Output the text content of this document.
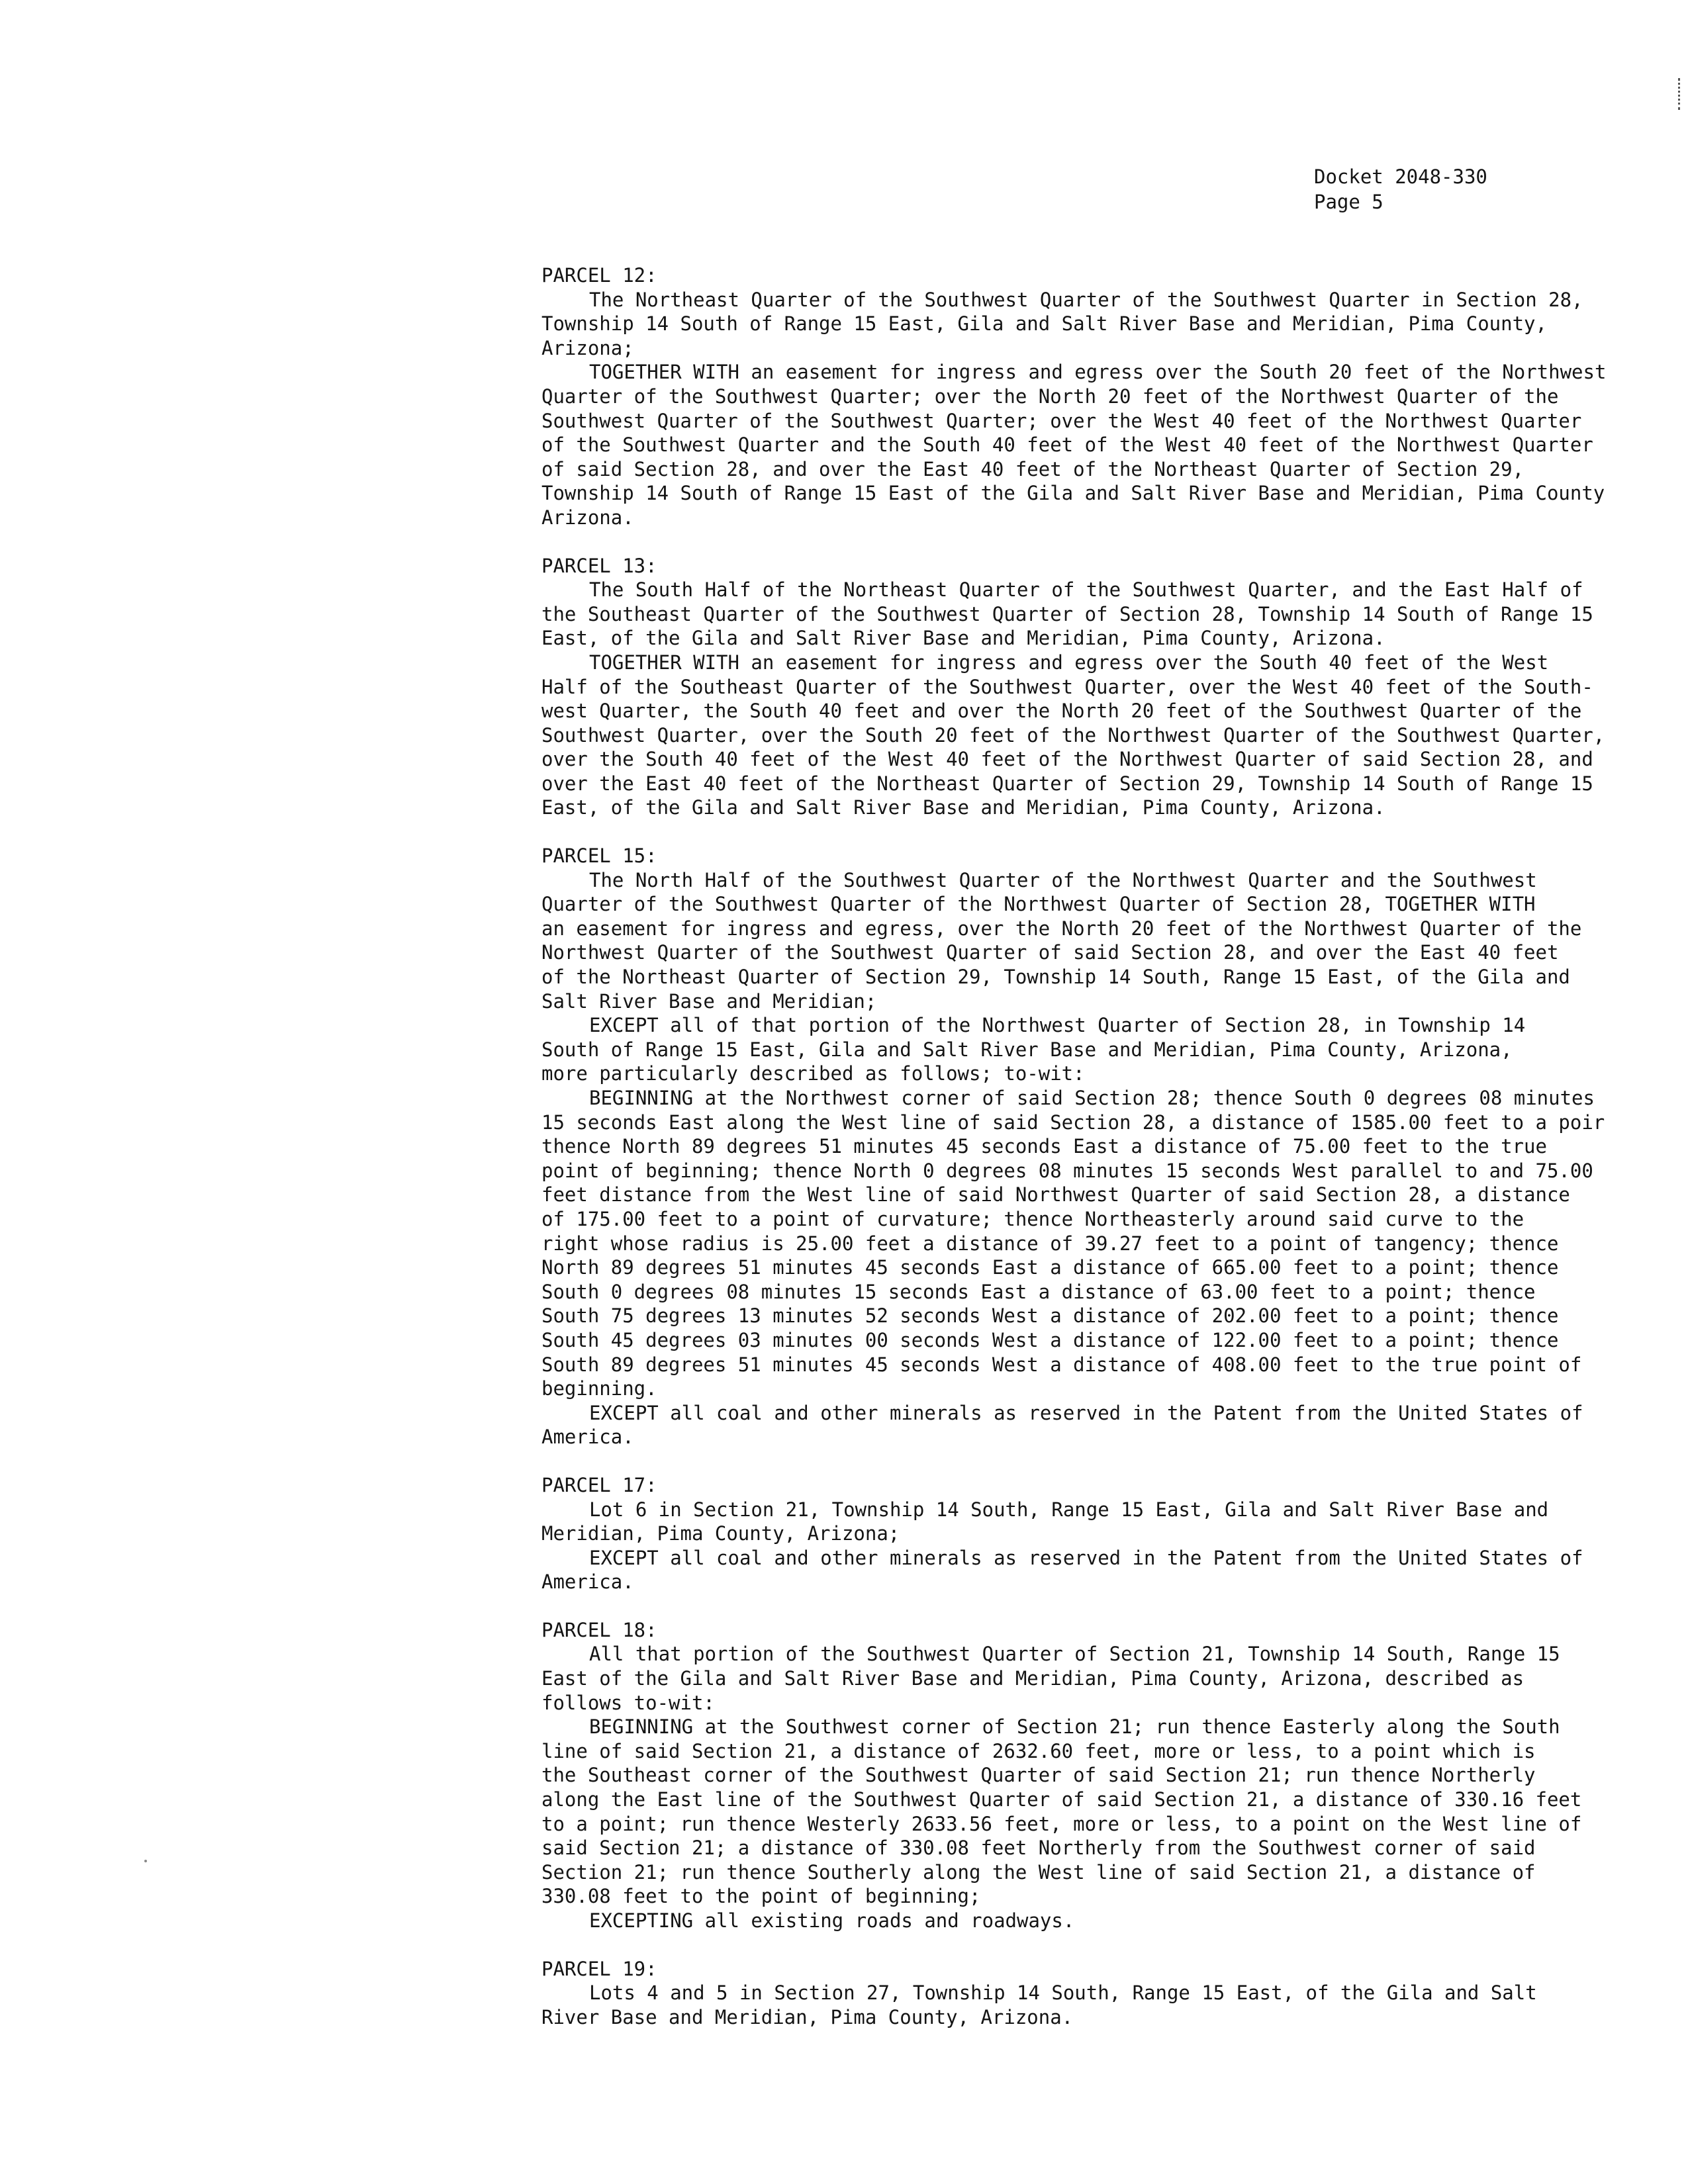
Docket 2048-330
Page 5
PARCEL 12:

The Northeast Quarter of the Southwest Quarter of the Southwest Quarter in Section 28,
Township 14 South of Range 15 East, Gila and Salt River Base and Meridian, Pima County,
Arizona;

TOGETHER WITH an easement for ingress and egress over the South 20 feet of the Northwest
Quarter of the Southwest Quarter; over the North 20 feet of the Northwest Quarter of the
Southwest Quarter of the Southwest Quarter; over the West 40 feet of the Northwest Quarter
of the Southwest Quarter and the South 40 feet of the West 40 feet of the Northwest Quarter
of said Section 28, and over the East 40 feet of the Northeast Quarter of Section 29,
Township 14 South of Range 15 East of the Gila and Salt River Base and Meridian, Pima County
Arizona.

PARCEL 13:

The South Half of the Northeast Quarter of the Southwest Quarter, and the East Half of
the Southeast Quarter of the Southwest Quarter of Section 28, Township 14 South of Range 15
East, of the Gila and Salt River Base and Meridian, Pima County, Arizona.

TOGETHER WITH an easement for ingress and egress over the South 40 feet of the West
Half of the Southeast Quarter of the Southwest Quarter, over the West 40 feet of the South-
west Quarter, the South 40 feet and over the North 20 feet of the Southwest Quarter of the
Southwest Quarter, over the South 20 feet of the Northwest Quarter of the Southwest Quarter,
over the South 40 feet of the West 40 feet of the Northwest Quarter of said Section 28, and
over the East 40 feet of the Northeast Quarter of Section 29, Township 14 South of Range 15
East, of the Gila and Salt River Base and Meridian, Pima County, Arizona.

PARCEL 15:

The North Half of the Southwest Quarter of the Northwest Quarter and the Southwest
Quarter of the Southwest Quarter of the Northwest Quarter of Section 28, TOGETHER WITH
an easement for ingress and egress, over the North 20 feet of the Northwest Quarter of the
Northwest Quarter of the Southwest Quarter of said Section 28, and over the East 40 feet
of the Northeast Quarter of Section 29, Township 14 South, Range 15 East, of the Gila and
Salt River Base and Meridian;

EXCEPT all of that portion of the Northwest Quarter of Section 28, in Township 14
South of Range 15 East, Gila and Salt River Base and Meridian, Pima County, Arizona,
more particularly described as follows; to-wit:

BEGINNING at the Northwest corner of said Section 28; thence South 0 degrees 08 minutes
15 seconds East along the West line of said Section 28, a distance of 1585.00 feet to a poir
thence North 89 degrees 51 minutes 45 seconds East a distance of 75.00 feet to the true
point of beginning; thence North 0 degrees 08 minutes 15 seconds West parallel to and 75.00
feet distance from the West line of said Northwest Quarter of said Section 28, a distance
of 175.00 feet to a point of curvature; thence Northeasterly around said curve to the
right whose radius is 25.00 feet a distance of 39.27 feet to a point of tangency; thence
North 89 degrees 51 minutes 45 seconds East a distance of 665.00 feet to a point; thence
South 0 degrees 08 minutes 15 seconds East a distance of 63.00 feet to a point; thence
South 75 degrees 13 minutes 52 seconds West a distance of 202.00 feet to a point; thence
South 45 degrees 03 minutes 00 seconds West a distance of 122.00 feet to a point; thence
South 89 degrees 51 minutes 45 seconds West a distance of 408.00 feet to the true point of
beginning.

EXCEPT all coal and other minerals as reserved in the Patent from the United States of
America.

PARCEL 17:

Lot 6 in Section 21, Township 14 South, Range 15 East, Gila and Salt River Base and
Meridian, Pima County, Arizona;

EXCEPT all coal and other minerals as reserved in the Patent from the United States of
America.

PARCEL 18:

All that portion of the Southwest Quarter of Section 21, Township 14 South, Range 15
East of the Gila and Salt River Base and Meridian, Pima County, Arizona, described as
follows to-wit:

BEGINNING at the Southwest corner of Section 21; run thence Easterly along the South
line of said Section 21, a distance of 2632.60 feet, more or less, to a point which is
the Southeast corner of the Southwest Quarter of said Section 21; run thence Northerly
along the East line of the Southwest Quarter of said Section 21, a distance of 330.16 feet
to a point; run thence Westerly 2633.56 feet, more or less, to a point on the West line of
said Section 21; a distance of 330.08 feet Northerly from the Southwest corner of said
Section 21; run thence Southerly along the West line of said Section 21, a distance of
330.08 feet to the point of beginning;

EXCEPTING all existing roads and roadways.

PARCEL 19:

Lots 4 and 5 in Section 27, Township 14 South, Range 15 East, of the Gila and Salt
River Base and Meridian, Pima County, Arizona.
